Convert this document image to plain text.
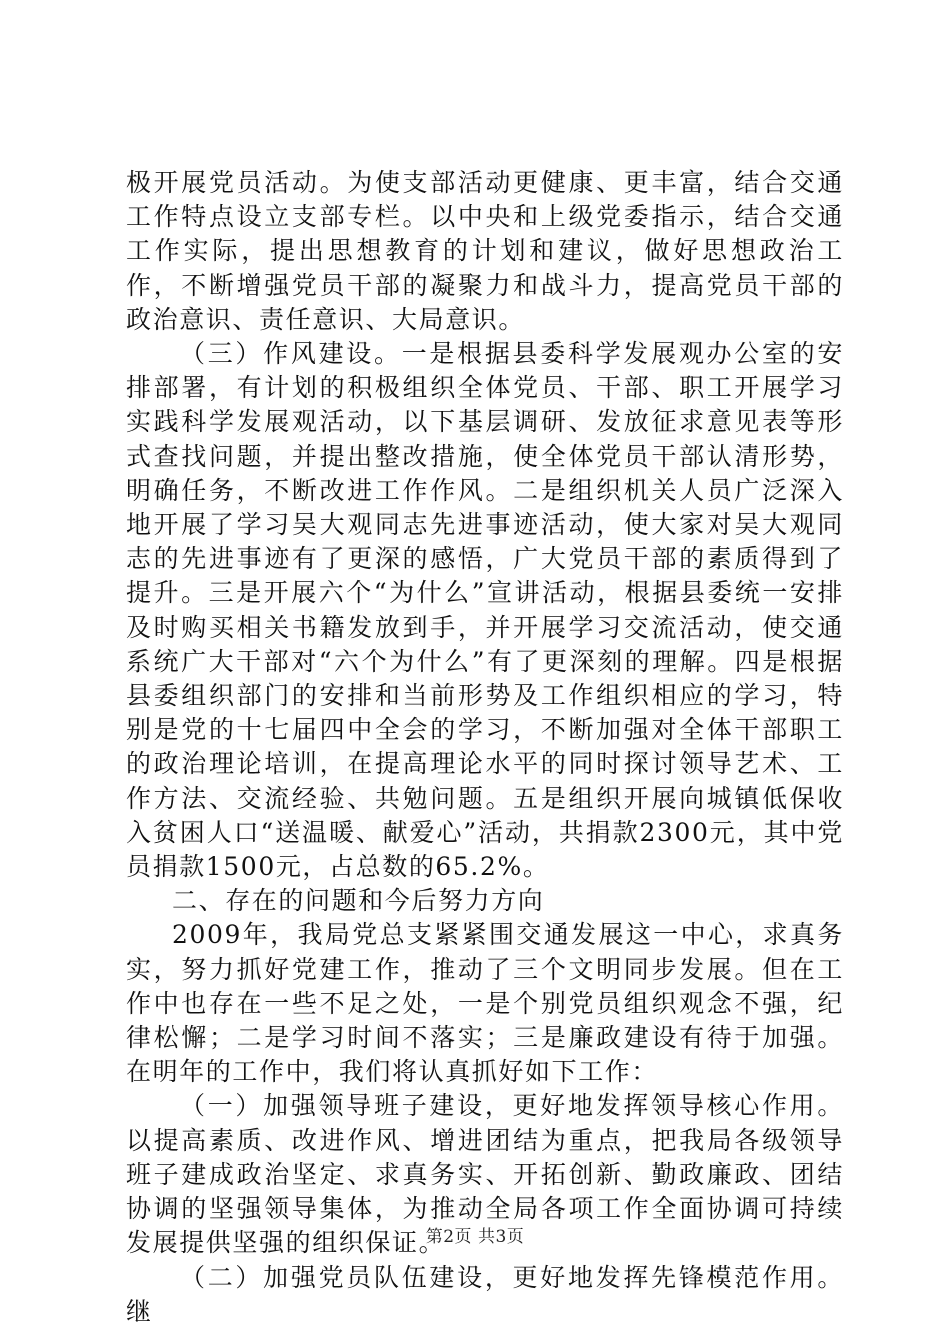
极开展党员活动。为使支部活动更健康、更丰富，结合交通工作特点设立支部专栏。以中央和上级党委指示，结合交通工作实际，提出思想教育的计划和建议，做好思想政治工作，不断增强党员干部的凝聚力和战斗力，提高党员干部的政治意识、责任意识、大局意识。

（三）作风建设。一是根据县委科学发展观办公室的安排部署，有计划的积极组织全体党员、干部、职工开展学习实践科学发展观活动，以下基层调研、发放征求意见表等形式查找问题，并提出整改措施，使全体党员干部认清形势，明确任务，不断改进工作作风。二是组织机关人员广泛深入地开展了学习吴大观同志先进事迹活动，使大家对吴大观同志的先进事迹有了更深的感悟，广大党员干部的素质得到了提升。三是开展六个“为什么”宣讲活动，根据县委统一安排及时购买相关书籍发放到手，并开展学习交流活动，使交通系统广大干部对“六个为什么”有了更深刻的理解。四是根据县委组织部门的安排和当前形势及工作组织相应的学习，特别是党的十七届四中全会的学习，不断加强对全体干部职工的政治理论培训，在提高理论水平的同时探讨领导艺术、工作方法、交流经验、共勉问题。五是组织开展向城镇低保收入贫困人口“送温暖、献爱心”活动，共捐款2300元，其中党员捐款1500元，占总数的65.2%。

二、存在的问题和今后努力方向

2009年，我局党总支紧紧围交通发展这一中心，求真务实，努力抓好党建工作，推动了三个文明同步发展。但在工作中也存在一些不足之处，一是个别党员组织观念不强，纪律松懈；二是学习时间不落实；三是廉政建设有待于加强。在明年的工作中，我们将认真抓好如下工作：

（一）加强领导班子建设，更好地发挥领导核心作用。以提高素质、改进作风、增进团结为重点，把我局各级领导班子建成政治坚定、求真务实、开拓创新、勤政廉政、团结协调的坚强领导集体，为推动全局各项工作全面协调可持续发展提供坚强的组织保证。

（二）加强党员队伍建设，更好地发挥先锋模范作用。继

第2页 共3页
